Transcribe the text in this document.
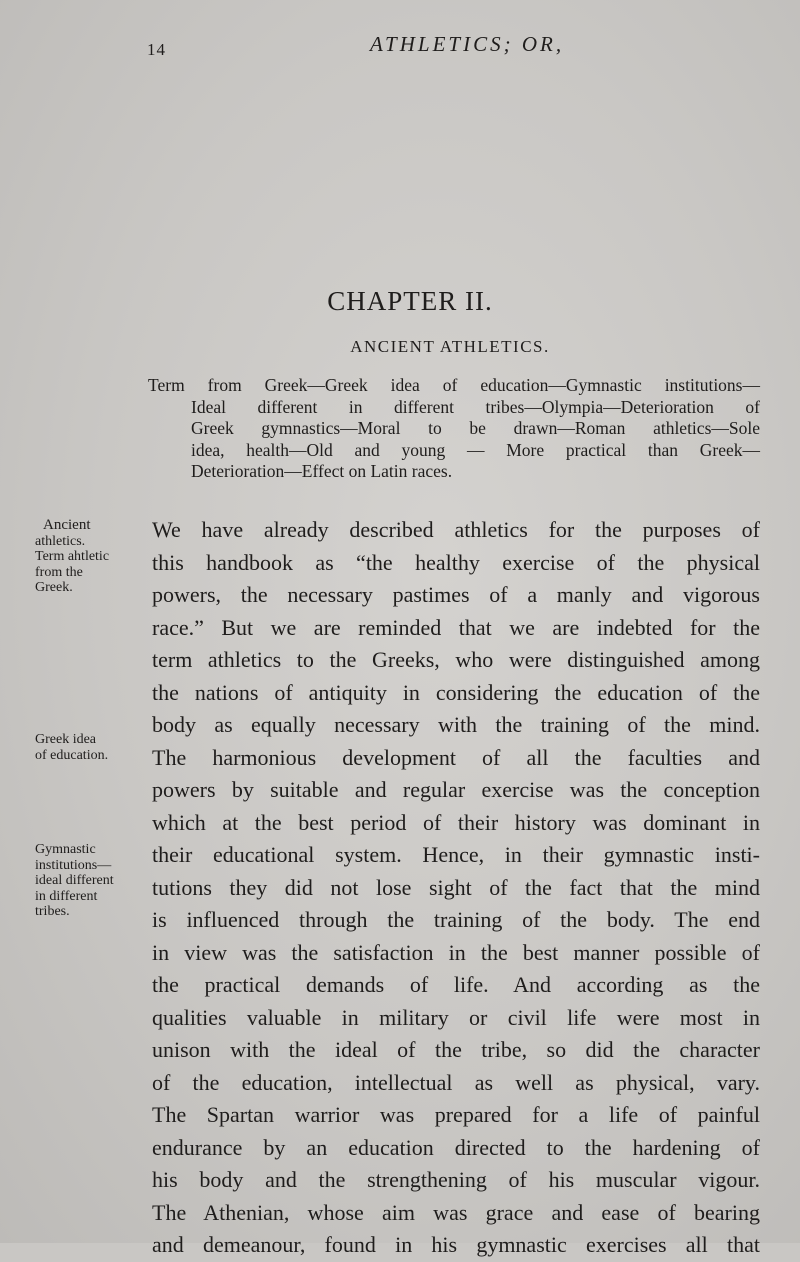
14	ATHLETICS; OR,
CHAPTER II.
ANCIENT ATHLETICS.
Term from Greek—Greek idea of education—Gymnastic institutions—
Ideal different in different tribes—Olympia—Deterioration of
Greek gymnastics—Moral to be drawn—Roman athletics—Sole
idea, health—Old and young — More practical than Greek—
Deterioration—Effect on Latin races.
Ancient
athletics.
Term ahtletic
from the
Greek.
Greek idea
of education.
Gymnastic
institutions—
ideal different
in different
tribes.
We have already described athletics for the purposes of
this handbook as “the healthy exercise of the physical
powers, the necessary pastimes of a manly and vigorous
race.” But we are reminded that we are indebted for the
term athletics to the Greeks, who were distinguished among
the nations of antiquity in considering the education of the
body as equally necessary with the training of the mind.
The harmonious development of all the faculties and
powers by suitable and regular exercise was the conception
which at the best period of their history was dominant in
their educational system. Hence, in their gymnastic insti-
tutions they did not lose sight of the fact that the mind
is influenced through the training of the body. The end
in view was the satisfaction in the best manner possible of
the practical demands of life. And according as the
qualities valuable in military or civil life were most in
unison with the ideal of the tribe, so did the character
of the education, intellectual as well as physical, vary.
The Spartan warrior was prepared for a life of painful
endurance by an education directed to the hardening of
his body and the strengthening of his muscular vigour.
The Athenian, whose aim was grace and ease of bearing
and demeanour, found in his gymnastic exercises all that
